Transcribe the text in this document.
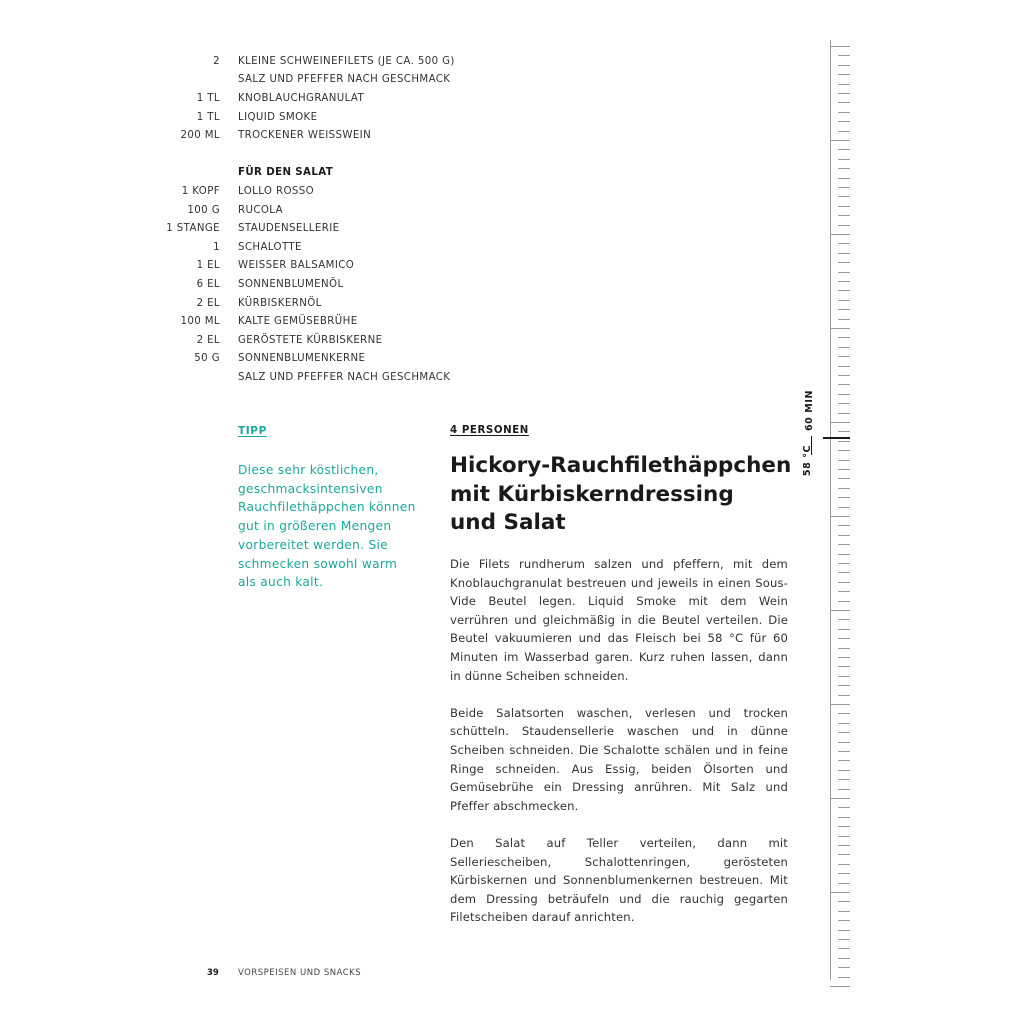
2	KLEINE SCHWEINEFILETS (JE CA. 500 G)
SALZ UND PFEFFER NACH GESCHMACK
1 TL	KNOBLAUCHGRANULAT
1 TL	LIQUID SMOKE
200 ML	TROCKENER WEISSWEIN
FÜR DEN SALAT
1 KOPF	LOLLO ROSSO
100 G	RUCOLA
1 STANGE	STAUDENSELLERIE
1	SCHALOTTE
1 EL	WEISSER BALSAMICO
6 EL	SONNENBLUMENÖL
2 EL	KÜRBISKERNÖL
100 ML	KALTE GEMÜSEBRÜHE
2 EL	GERÖSTETE KÜRBISKERNE
50 G	SONNENBLUMENKERNE
SALZ UND PFEFFER NACH GESCHMACK
TIPP
Diese sehr köstlichen, geschmacksintensiven Rauchfilethäppchen können gut in größeren Mengen vorbereitet werden. Sie schmecken sowohl warm als auch kalt.
4 PERSONEN
Hickory-Rauchfilethäppchen
mit Kürbiskerndressing
und Salat

Die Filets rundherum salzen und pfeffern, mit dem Knoblauchgranulat bestreuen und jeweils in einen Sous-Vide Beutel legen. Liquid Smoke mit dem Wein verrühren und gleichmäßig in die Beutel verteilen. Die Beutel vakuumieren und das Fleisch bei 58 °C für 60 Minuten im Wasserbad garen. Kurz ruhen lassen, dann in dünne Scheiben schneiden.

Beide Salatsorten waschen, verlesen und trocken schütteln. Staudensellerie waschen und in dünne Scheiben schneiden. Die Schalotte schälen und in feine Ringe schneiden. Aus Essig, beiden Ölsorten und Gemüsebrühe ein Dressing anrühren. Mit Salz und Pfeffer abschmecken.

Den Salat auf Teller verteilen, dann mit Selleriescheiben, Schalottenringen, gerösteten Kürbiskernen und Sonnenblumenkernen bestreuen. Mit dem Dressing beträufeln und die rauchig gegarten Filetscheiben darauf anrichten.

60 MIN
58 °C
39 VORSPEISEN UND SNACKS
